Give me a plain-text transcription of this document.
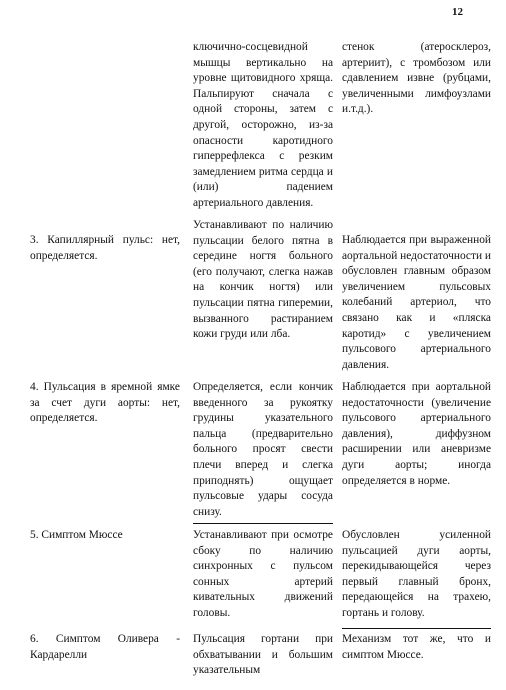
12
ключично-сосцевидной мышцы вертикально на уровне щитовидного хряща. Пальпируют сначала с одной стороны, затем с другой, осторожно, из-за опасности каротидного гиперрефлекса с резким замедлением ритма сердца и (или) падением артериального давления.
стенок (атеросклероз, артериит), с тромбозом или сдавлением извне (рубцами, увеличенными лимфоузлами и.т.д.).
3. Капиллярный пульс: нет, определяется.
Устанавливают по наличию пульсации белого пятна в середине ногтя больного (его получают, слегка нажав на кончик ногтя) или пульсации пятна гиперемии, вызванного растиранием кожи груди или лба.
Наблюдается при выраженной аортальной недостаточности и обусловлен главным образом увеличением пульсовых колебаний артериол, что связано как и «пляска каротид» с увеличением пульсового артериального давления.
4. Пульсация в яремной ямке за счет дуги аорты: нет, определяется.
Определяется, если кончик введенного за рукоятку грудины указательного пальца (предварительно больного просят свести плечи вперед и слегка приподнять) ощущает пульсовые удары сосуда снизу.
Наблюдается при аортальной недостаточности (увеличение пульсового артериального давления), диффузном расширении или аневризме дуги аорты; иногда определяется в норме.
5. Симптом Мюссе	Устанавливают при осмотре сбоку по наличию синхронных с пульсом сонных артерий кивательных движений головы.
Обусловлен усиленной пульсацией дуги аорты, перекидывающейся через первый главный бронх, передающейся на трахею, гортань и голову.
6. Симптом Оливера - Кардарелли
Пульсация гортани при обхватывании и большим указательным
Механизм тот же, что и симптом Мюссе.
